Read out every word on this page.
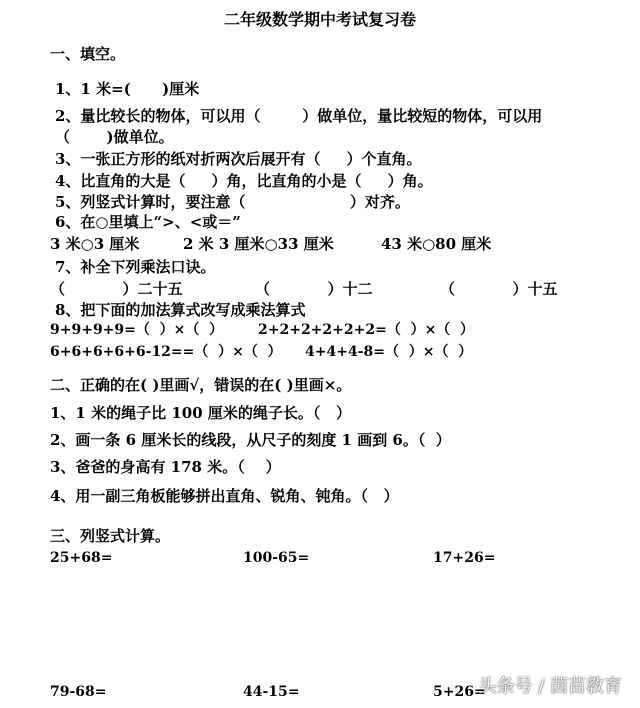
二年级数学期中考试复习卷
一、填空。
1、1 米=(      )厘米
2、量比较长的物体，可以用（        ）做单位，量比较短的物体，可以用
（       )做单位。
3、一张正方形的纸对折两次后展开有（     ）个直角。
4、比直角的大是（     ）角，比直角的小是（     ）角。
5、列竖式计算时，要注意（                    ）对齐。
6、在○里填上“>、<或＝”
3 米○3 厘米	2 米 3 厘米○33 厘米	43 米○80 厘米
7、补全下列乘法口诀。
（           ）二十五	（           ）十二	（           ）十五
8、把下面的加法算式改写成乘法算式
9+9+9+9=（  ）×（  ） 2+2+2+2+2+2=（  ）×（  ）
6+6+6+6+6-12==（  ）×（  ） 4+4+4-8=（  ）×（  ）
二、正确的在( )里画√，错误的在( )里画×。
1、1 米的绳子比 100 厘米的绳子长。（   ）
2、画一条 6 厘米长的线段，从尺子的刻度 1 画到 6。（  ）
3、爸爸的身高有 178 米。（    ）
4、用一副三角板能够拼出直角、锐角、钝角。（   ）
三、列竖式计算。
25+68=	100-65=	17+26=
79-68=	44-15=	5+26=
头条号 / 茵苗教育
